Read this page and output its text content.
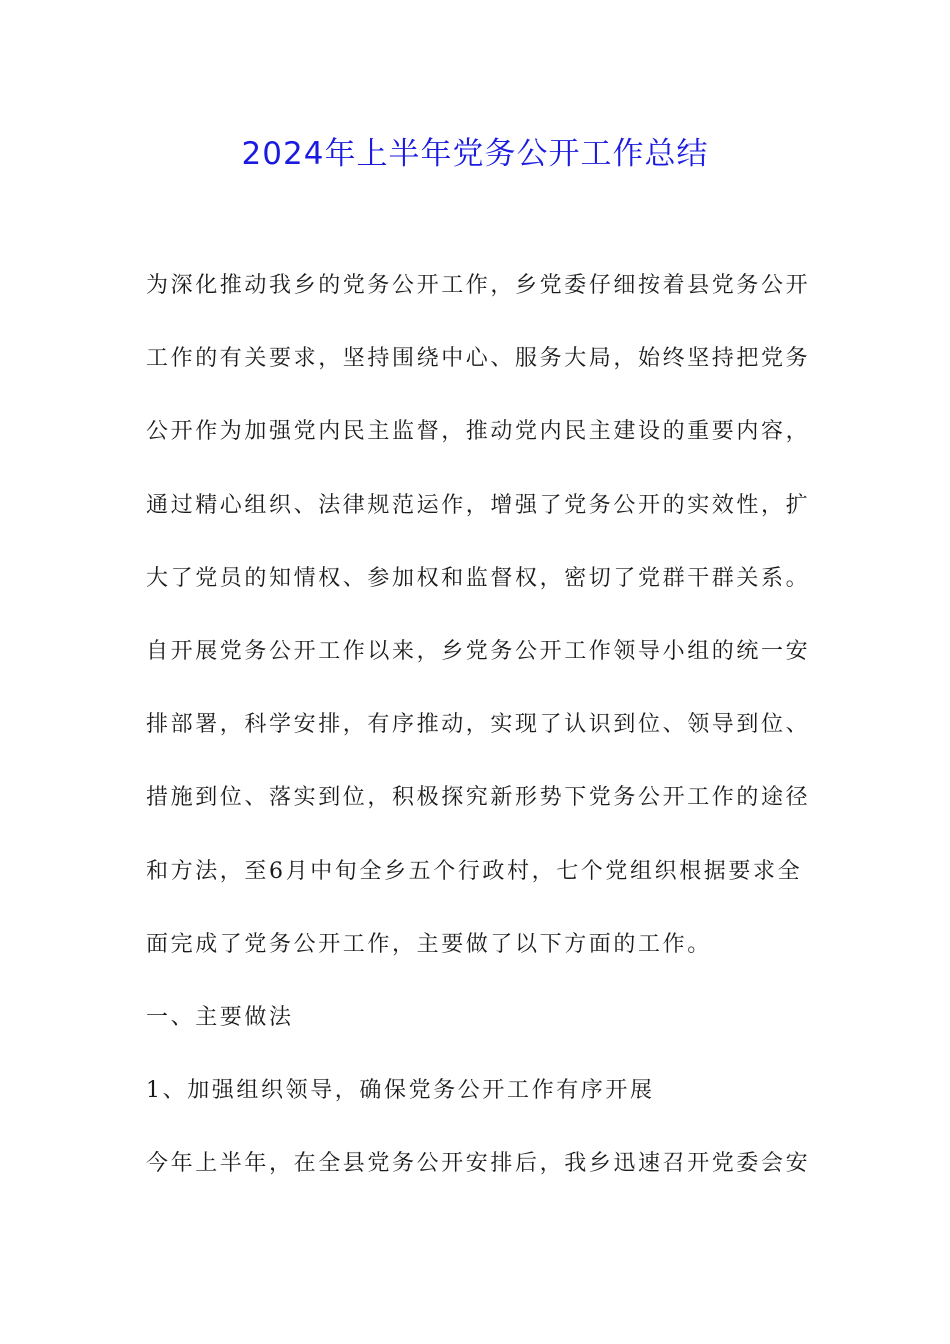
2024年上半年党务公开工作总结
为深化推动我乡的党务公开工作，乡党委仔细按着县党务公开
工作的有关要求，坚持围绕中心、服务大局，始终坚持把党务
公开作为加强党内民主监督，推动党内民主建设的重要内容，
通过精心组织、法律规范运作，增强了党务公开的实效性，扩
大了党员的知情权、参加权和监督权，密切了党群干群关系。
自开展党务公开工作以来，乡党务公开工作领导小组的统一安
排部署，科学安排，有序推动，实现了认识到位、领导到位、
措施到位、落实到位，积极探究新形势下党务公开工作的途径
和方法，至6月中旬全乡五个行政村，七个党组织根据要求全
面完成了党务公开工作，主要做了以下方面的工作。
一、主要做法
1、加强组织领导，确保党务公开工作有序开展
今年上半年，在全县党务公开安排后，我乡迅速召开党委会安
